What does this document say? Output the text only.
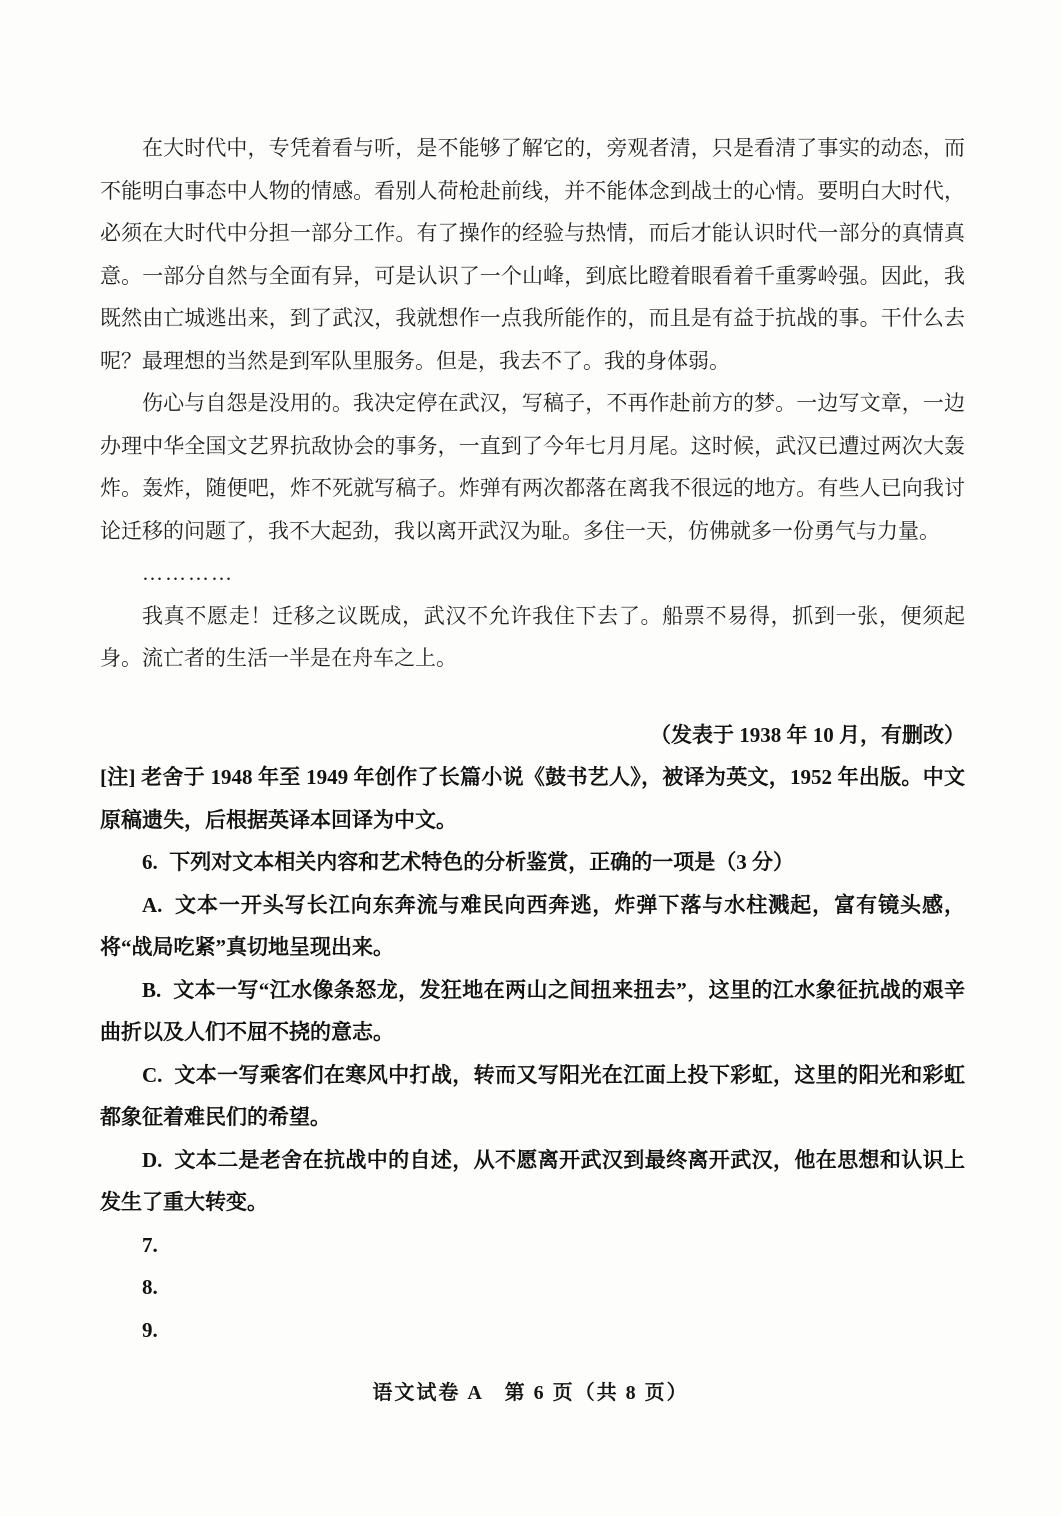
在大时代中，专凭着看与听，是不能够了解它的，旁观者清，只是看清了事实的动态，而不能明白事态中人物的情感。看别人荷枪赴前线，并不能体念到战士的心情。要明白大时代，必须在大时代中分担一部分工作。有了操作的经验与热情，而后才能认识时代一部分的真情真意。一部分自然与全面有异，可是认识了一个山峰，到底比瞪着眼看着千重雾岭强。因此，我既然由亡城逃出来，到了武汉，我就想作一点我所能作的，而且是有益于抗战的事。干什么去呢？最理想的当然是到军队里服务。但是，我去不了。我的身体弱。

伤心与自怨是没用的。我决定停在武汉，写稿子，不再作赴前方的梦。一边写文章，一边办理中华全国文艺界抗敌协会的事务，一直到了今年七月月尾。这时候，武汉已遭过两次大轰炸。轰炸，随便吧，炸不死就写稿子。炸弹有两次都落在离我不很远的地方。有些人已向我讨论迁移的问题了，我不大起劲，我以离开武汉为耻。多住一天，仿佛就多一份勇气与力量。

…………

我真不愿走！迁移之议既成，武汉不允许我住下去了。船票不易得，抓到一张，便须起身。流亡者的生活一半是在舟车之上。

（发表于 1938 年 10 月，有删改）

[注] 老舍于 1948 年至 1949 年创作了长篇小说《鼓书艺人》，被译为英文，1952 年出版。中文原稿遗失，后根据英译本回译为中文。

6. 下列对文本相关内容和艺术特色的分析鉴赏，正确的一项是（3 分）

A. 文本一开头写长江向东奔流与难民向西奔逃，炸弹下落与水柱溅起，富有镜头感，将“战局吃紧”真切地呈现出来。

B. 文本一写“江水像条怒龙，发狂地在两山之间扭来扭去”，这里的江水象征抗战的艰辛曲折以及人们不屈不挠的意志。

C. 文本一写乘客们在寒风中打战，转而又写阳光在江面上投下彩虹，这里的阳光和彩虹都象征着难民们的希望。

D. 文本二是老舍在抗战中的自述，从不愿离开武汉到最终离开武汉，他在思想和认识上发生了重大转变。

7.

8.

9.

语文试卷 A　第 6 页（共 8 页）
